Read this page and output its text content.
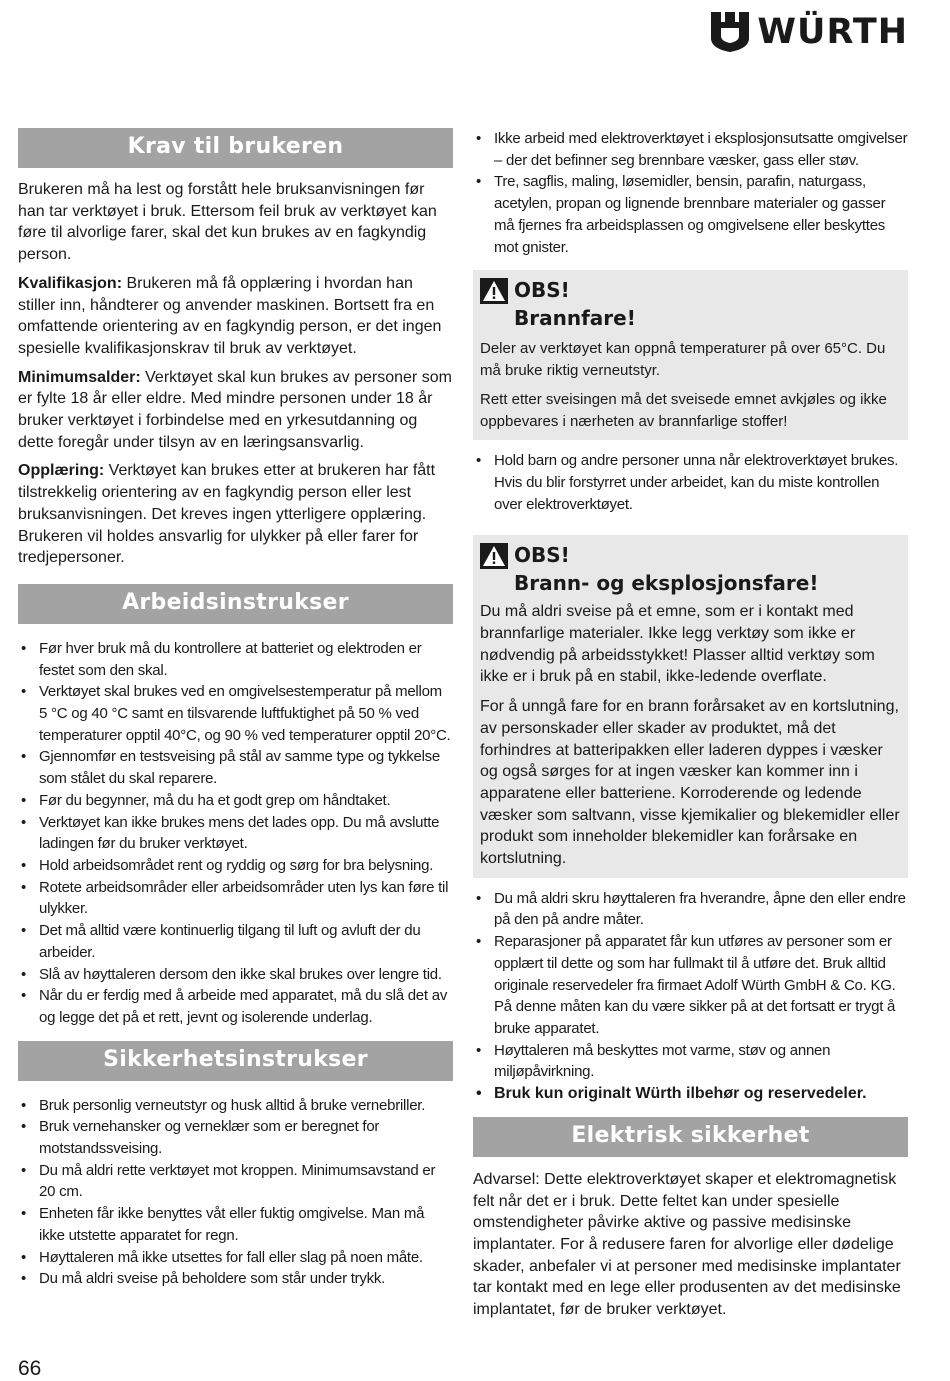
WÜRTH
Krav til brukeren

Brukeren må ha lest og forstått hele bruksanvisningen før han tar verktøyet i bruk. Ettersom feil bruk av verktøyet kan føre til alvorlige farer, skal det kun brukes av en fagkyndig person.

Kvalifikasjon: Brukeren må få opplæring i hvordan han stiller inn, håndterer og anvender maskinen. Bortsett fra en omfattende orientering av en fagkyndig person, er det ingen spesielle kvalifikasjonskrav til bruk av verktøyet.

Minimumsalder: Verktøyet skal kun brukes av personer som er fylte 18 år eller eldre. Med mindre personen under 18 år bruker verktøyet i forbindelse med en yrkesutdanning og dette foregår under tilsyn av en læringsansvarlig.

Opplæring: Verktøyet kan brukes etter at brukeren har fått tilstrekkelig orientering av en fagkyndig person eller lest bruksanvisningen. Det kreves ingen ytterligere opplæring. Brukeren vil holdes ansvarlig for ulykker på eller farer for tredjepersoner.

Arbeidsinstrukser
• Før hver bruk må du kontrollere at batteriet og elektroden er festet som den skal.
• Verktøyet skal brukes ved en omgivelsestemperatur på mellom 5 °C og 40 °C samt en tilsvarende luftfuktighet på 50 % ved temperaturer opptil 40°C, og 90 % ved temperaturer opptil 20°C.
• Gjennomfør en testsveising på stål av samme type og tykkelse som stålet du skal reparere.
• Før du begynner, må du ha et godt grep om håndtaket.
• Verktøyet kan ikke brukes mens det lades opp. Du må avslutte ladingen før du bruker verktøyet.
• Hold arbeidsområdet rent og ryddig og sørg for bra belysning.
• Rotete arbeidsområder eller arbeidsområder uten lys kan føre til ulykker.
• Det må alltid være kontinuerlig tilgang til luft og avluft der du arbeider.
• Slå av høyttaleren dersom den ikke skal brukes over lengre tid.
• Når du er ferdig med å arbeide med apparatet, må du slå det av og legge det på et rett, jevnt og isolerende underlag.
Sikkerhetsinstrukser
• Bruk personlig verneutstyr og husk alltid å bruke vernebriller.
• Bruk vernehansker og verneklær som er beregnet for motstandssveising.
• Du må aldri rette verktøyet mot kroppen. Minimumsavstand er 20 cm.
• Enheten får ikke benyttes våt eller fuktig omgivelse. Man må ikke utstette apparatet for regn.
• Høyttaleren må ikke utsettes for fall eller slag på noen måte.
• Du må aldri sveise på beholdere som står under trykk.
• Ikke arbeid med elektroverktøyet i eksplosjonsutsatte omgivelser – der det befinner seg brennbare væsker, gass eller støv.
• Tre, sagflis, maling, løsemidler, bensin, parafin, naturgass, acetylen, propan og lignende brennbare materialer og gasser må fjernes fra arbeidsplassen og omgivelsene eller beskyttes mot gnister.
OBS!
Brannfare!

Deler av verktøyet kan oppnå temperaturer på over 65°C. Du må bruke riktig verneutstyr.

Rett etter sveisingen må det sveisede emnet avkjøles og ikke oppbevares i nærheten av brannfarlige stoffer!

• Hold barn og andre personer unna når elektroverktøyet brukes. Hvis du blir forstyrret under arbeidet, kan du miste kontrollen over elektroverktøyet.
OBS!
Brann- og eksplosjonsfare!

Du må aldri sveise på et emne, som er i kontakt med brannfarlige materialer. Ikke legg verktøy som ikke er nødvendig på arbeidsstykket! Plasser alltid verktøy som ikke er i bruk på en stabil, ikke-ledende overflate.

For å unngå fare for en brann forårsaket av en kortslutning, av personskader eller skader av produktet, må det forhindres at batteripakken eller laderen dyppes i væsker og også sørges for at ingen væsker kan kommer inn i apparatene eller batteriene. Korroderende og ledende væsker som saltvann, visse kjemikalier og blekemidler eller produkt som inneholder blekemidler kan forårsake en kortslutning.

• Du må aldri skru høyttaleren fra hverandre, åpne den eller endre på den på andre måter.
• Reparasjoner på apparatet får kun utføres av personer som er opplært til dette og som har fullmakt til å utføre det. Bruk alltid originale reservedeler fra firmaet Adolf Würth GmbH & Co. KG. På denne måten kan du være sikker på at det fortsatt er trygt å bruke apparatet.
• Høyttaleren må beskyttes mot varme, støv og annen miljøpåvirkning.
• Bruk kun originalt Würth ilbehør og reservedeler.
Elektrisk sikkerhet

Advarsel: Dette elektroverktøyet skaper et elektromagnetisk felt når det er i bruk. Dette feltet kan under spesielle omstendigheter påvirke aktive og passive medisinske implantater. For å redusere faren for alvorlige eller dødelige skader, anbefaler vi at personer med medisinske implantater tar kontakt med en lege eller produsenten av det medisinske implantatet, før de bruker verktøyet.

66
